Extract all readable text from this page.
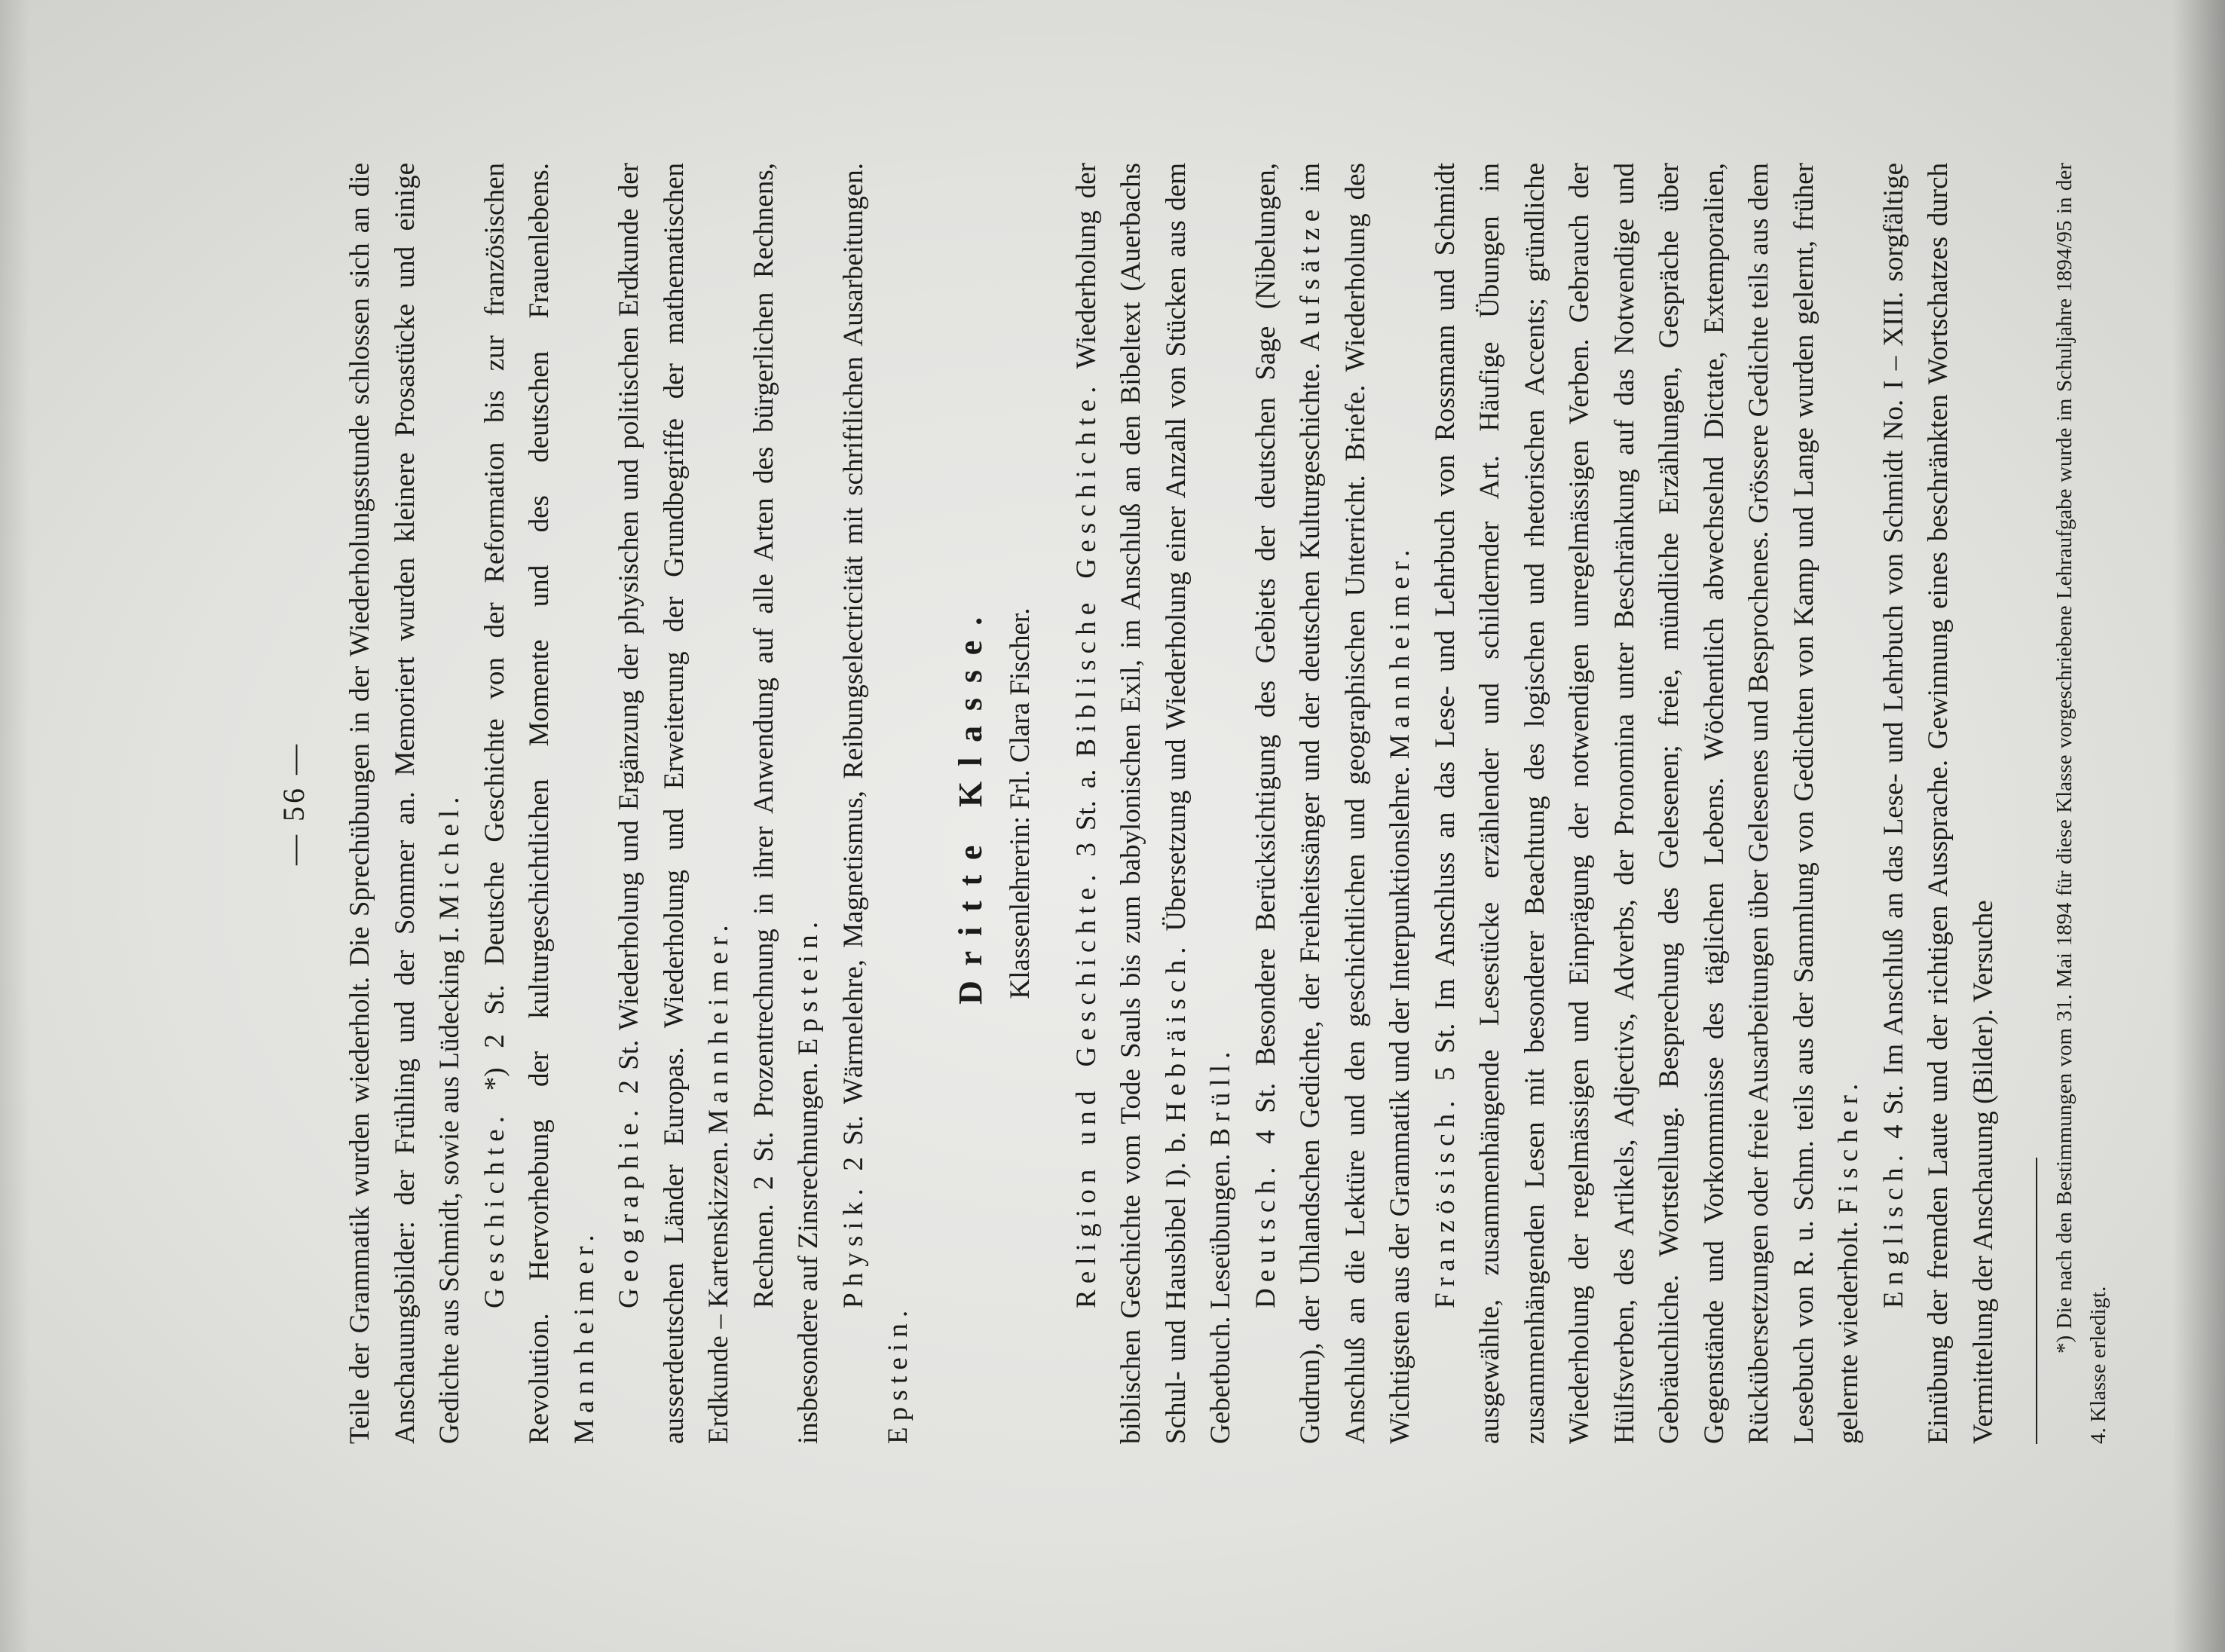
— 56 —	Teile der Grammatik wurden wiederholt. Die Sprechübungen in der Wiederholungsstunde schlossen sich an die Anschauungsbilder: der Frühling und der Sommer an. Memoriert wurden kleinere Prosastücke und einige Gedichte aus Schmidt, sowie aus Lüdecking I. Michel.

Geschichte. *) 2 St. Deutsche Geschichte von der Reformation bis zur französischen Revolution. Hervorhebung der kulturgeschichtlichen Momente und des deutschen Frauenlebens. Mannheimer.

Geographie. 2 St. Wiederholung und Ergänzung der physischen und politischen Erdkunde der ausserdeutschen Länder Europas. Wiederholung und Erweiterung der Grundbegriffe der mathematischen Erdkunde – Kartenskizzen. Mannheimer.

Rechnen. 2 St. Prozentrechnung in ihrer Anwendung auf alle Arten des bürgerlichen Rechnens, insbesondere auf Zinsrechnungen. Epstein.

Physik. 2 St. Wärmelehre, Magnetismus, Reibungselectricität mit schriftlichen Ausarbeitungen. Epstein.

Dritte Klasse. Klassenlehrerin: Frl. Clara Fischer.

Religion und Geschichte. 3 St. a. Biblische Geschichte. Wiederholung der biblischen Geschichte vom Tode Sauls bis zum babylonischen Exil, im Anschluß an den Bibeltext (Auerbachs Schul- und Hausbibel I). b. Hebräisch. Übersetzung und Wiederholung einer Anzahl von Stücken aus dem Gebetbuch. Leseübungen. Brüll.

Deutsch. 4 St. Besondere Berücksichtigung des Gebiets der deutschen Sage (Nibelungen, Gudrun), der Uhlandschen Gedichte, der Freiheitssänger und der deutschen Kulturgeschichte. Aufsätze im Anschluß an die Lektüre und den geschichtlichen und geographischen Unterricht. Briefe. Wiederholung des Wichtigsten aus der Grammatik und der Interpunktionslehre. Mannheimer.

Französisch. 5 St. Im Anschluss an das Lese- und Lehrbuch von Rossmann und Schmidt ausgewählte, zusammenhängende Lesestücke erzählender und schildernder Art. Häufige Übungen im zusammenhängenden Lesen mit besonderer Beachtung des logischen und rhetorischen Accents; gründliche Wiederholung der regelmässigen und Einprägung der notwendigen unregelmässigen Verben. Gebrauch der Hülfsverben, des Artikels, Adjectivs, Adverbs, der Pronomina unter Beschränkung auf das Notwendige und Gebräuchliche. Wortstellung. Besprechung des Gelesenen; freie, mündliche Erzählungen, Gespräche über Gegenstände und Vorkommnisse des täglichen Lebens. Wöchentlich abwechselnd Dictate, Extemporalien, Rückübersetzungen oder freie Ausarbeitungen über Gelesenes und Besprochenes. Grössere Gedichte teils aus dem Lesebuch von R. u. Schm. teils aus der Sammlung von Gedichten von Kamp und Lange wurden gelernt, früher gelernte wiederholt. Fischer.

Englisch. 4 St. Im Anschluß an das Lese- und Lehrbuch von Schmidt No. I – XIII. sorgfältige Einübung der fremden Laute und der richtigen Aussprache. Gewinnung eines beschränkten Wortschatzes durch Vermittelung der Anschauung (Bilder). Versuche	*) Die nach den Bestimmungen vom 31. Mai 1894 für diese Klasse vorgeschriebene Lehraufgabe wurde im Schuljahre 1894/95 in der 4. Klasse erledigt.
